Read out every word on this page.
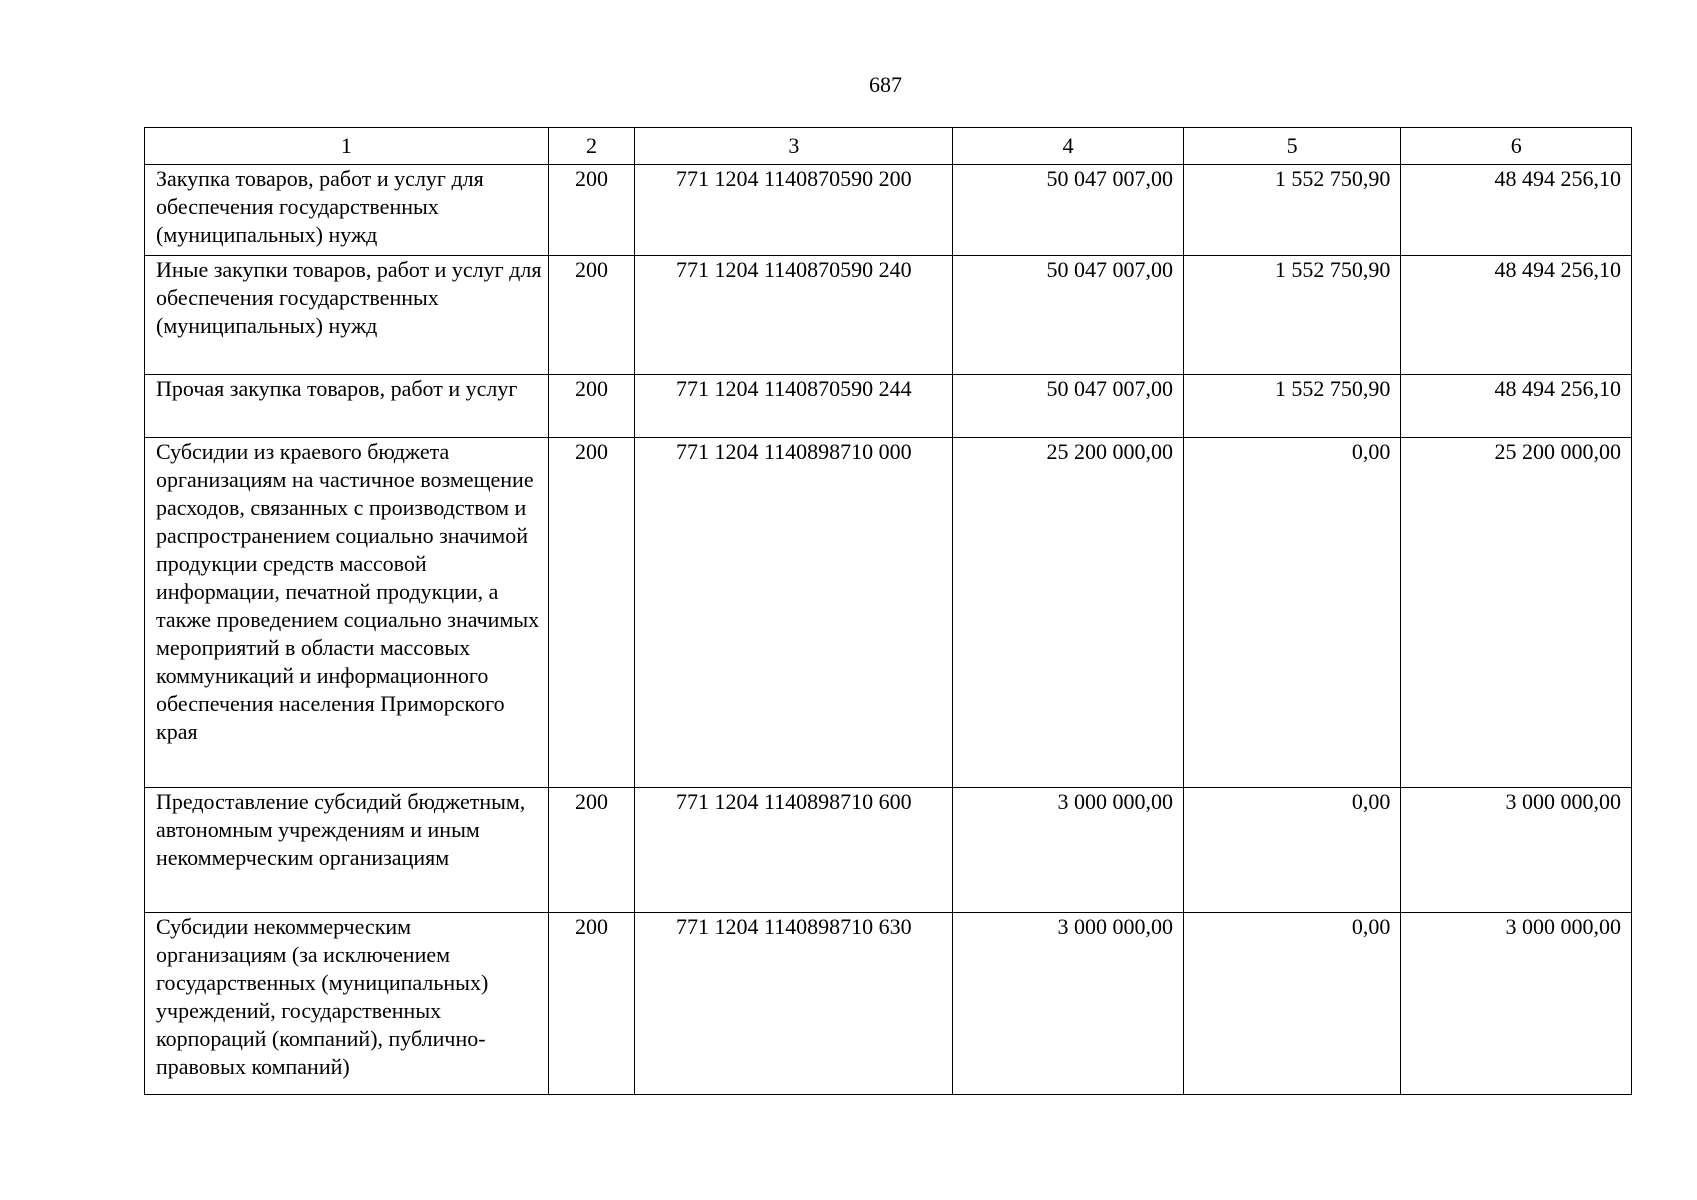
687
1	2	3	4	5	6
Закупка товаров, работ и услуг для обеспечения государственных (муниципальных) нужд	200	771 1204 1140870590 200	50 047 007,00	1 552 750,90	48 494 256,10
Иные закупки товаров, работ и услуг для обеспечения государственных (муниципальных) нужд	200	771 1204 1140870590 240	50 047 007,00	1 552 750,90	48 494 256,10
Прочая закупка товаров, работ и услуг	200	771 1204 1140870590 244	50 047 007,00	1 552 750,90	48 494 256,10
Субсидии из краевого бюджета организациям на частичное возмещение расходов, связанных с производством и распространением социально значимой продукции средств массовой информации, печатной продукции, а также проведением социально значимых мероприятий в области массовых коммуникаций и информационного обеспечения населения Приморского края	200	771 1204 1140898710 000	25 200 000,00	0,00	25 200 000,00
Предоставление субсидий бюджетным, автономным учреждениям и иным некоммерческим организациям	200	771 1204 1140898710 600	3 000 000,00	0,00	3 000 000,00
Субсидии некоммерческим организациям (за исключением государственных (муниципальных) учреждений, государственных корпораций (компаний), публично-правовых компаний)	200	771 1204 1140898710 630	3 000 000,00	0,00	3 000 000,00
